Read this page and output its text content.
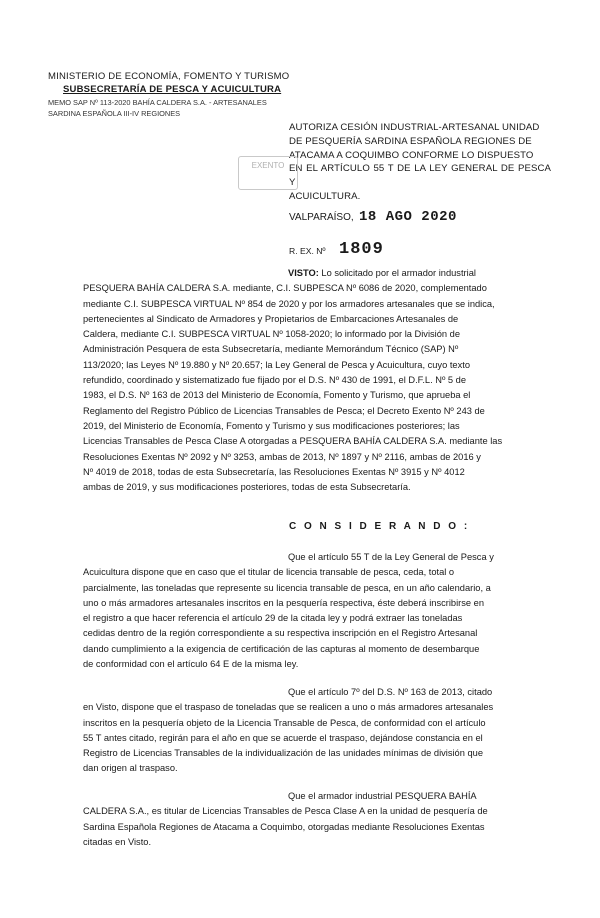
MINISTERIO DE ECONOMÍA, FOMENTO Y TURISMO
SUBSECRETARÍA DE PESCA Y ACUICULTURA
MEMO SAP Nº 113-2020 BAHÍA CALDERA S.A. - ARTESANALES
SARDINA ESPAÑOLA III-IV REGIONES
AUTORIZA CESIÓN INDUSTRIAL-ARTESANAL UNIDAD
DE PESQUERÍA SARDINA ESPAÑOLA REGIONES DE
ATACAMA A COQUIMBO CONFORME LO DISPUESTO
EN EL ARTÍCULO 55 T DE LA LEY GENERAL DE PESCA Y
ACUICULTURA.
EXENTO
VALPARAÍSO, 18 AGO 2020
R. EX. Nº 1809
VISTO: Lo solicitado por el armador industrial
PESQUERA BAHÍA CALDERA S.A. mediante, C.I. SUBPESCA Nº 6086 de 2020, complementado
mediante C.I. SUBPESCA VIRTUAL Nº 854 de 2020 y por los armadores artesanales que se indica,
pertenecientes al Sindicato de Armadores y Propietarios de Embarcaciones Artesanales de
Caldera, mediante C.I. SUBPESCA VIRTUAL Nº 1058-2020; lo informado por la División de
Administración Pesquera de esta Subsecretaría, mediante Memorándum Técnico (SAP) Nº
113/2020; las Leyes Nº 19.880 y Nº 20.657; la Ley General de Pesca y Acuicultura, cuyo texto
refundido, coordinado y sistematizado fue fijado por el D.S. Nº 430 de 1991, el D.F.L. Nº 5 de
1983, el D.S. Nº 163 de 2013 del Ministerio de Economía, Fomento y Turismo, que aprueba el
Reglamento del Registro Público de Licencias Transables de Pesca; el Decreto Exento Nº 243 de
2019, del Ministerio de Economía, Fomento y Turismo y sus modificaciones posteriores; las
Licencias Transables de Pesca Clase A otorgadas a PESQUERA BAHÍA CALDERA S.A. mediante las
Resoluciones Exentas Nº 2092 y Nº 3253, ambas de 2013, Nº 1897 y Nº 2116, ambas de 2016 y
Nº 4019 de 2018, todas de esta Subsecretaría, las Resoluciones Exentas Nº 3915 y Nº 4012
ambas de 2019, y sus modificaciones posteriores, todas de esta Subsecretaría.
C O N S I D E R A N D O :
Que el artículo 55 T de la Ley General de Pesca y
Acuicultura dispone que en caso que el titular de licencia transable de pesca, ceda, total o
parcialmente, las toneladas que represente su licencia transable de pesca, en un año calendario, a
uno o más armadores artesanales inscritos en la pesquería respectiva, éste deberá inscribirse en
el registro a que hacer referencia el artículo 29 de la citada ley y podrá extraer las toneladas
cedidas dentro de la región correspondiente a su respectiva inscripción en el Registro Artesanal
dando cumplimiento a la exigencia de certificación de las capturas al momento de desembarque
de conformidad con el artículo 64 E de la misma ley.
Que el artículo 7º del D.S. Nº 163 de 2013, citado
en Visto, dispone que el traspaso de toneladas que se realicen a uno o más armadores artesanales
inscritos en la pesquería objeto de la Licencia Transable de Pesca, de conformidad con el artículo
55 T antes citado, regirán para el año en que se acuerde el traspaso, dejándose constancia en el
Registro de Licencias Transables de la individualización de las unidades mínimas de división que
dan origen al traspaso.
Que el armador industrial PESQUERA BAHÍA
CALDERA S.A., es titular de Licencias Transables de Pesca Clase A en la unidad de pesquería de
Sardina Española Regiones de Atacama a Coquimbo, otorgadas mediante Resoluciones Exentas
citadas en Visto.
